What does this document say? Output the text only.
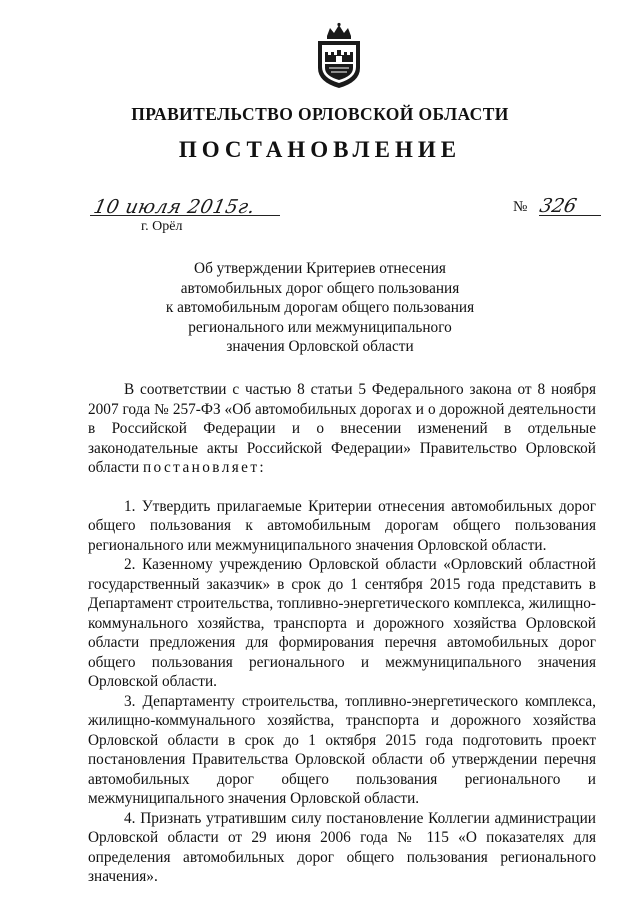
ПРАВИТЕЛЬСТВО ОРЛОВСКОЙ ОБЛАСТИ
ПОСТАНОВЛЕНИЕ
10 июля 2015г.	№ 326
г. Орёл
Об утверждении Критериев отнесения
автомобильных дорог общего пользования
к автомобильным дорогам общего пользования
регионального или межмуниципального
значения Орловской области

В соответствии с частью 8 статьи 5 Федерального закона от 8 ноября 2007 года № 257-ФЗ «Об автомобильных дорогах и о дорожной деятельности в Российской Федерации и о внесении изменений в отдельные законодательные акты Российской Федерации» Правительство Орловской области постановляет:

1. Утвердить прилагаемые Критерии отнесения автомобильных дорог общего пользования к автомобильным дорогам общего пользования регионального или межмуниципального значения Орловской области.

2. Казенному учреждению Орловской области «Орловский областной государственный заказчик» в срок до 1 сентября 2015 года представить в Департамент строительства, топливно-энергетического комплекса, жилищно-коммунального хозяйства, транспорта и дорожного хозяйства Орловской области предложения для формирования перечня автомобильных дорог общего пользования регионального и межмуниципального значения Орловской области.

3. Департаменту строительства, топливно-энергетического комплекса, жилищно-коммунального хозяйства, транспорта и дорожного хозяйства Орловской области в срок до 1 октября 2015 года подготовить проект постановления Правительства Орловской области об утверждении перечня автомобильных дорог общего пользования регионального и межмуниципального значения Орловской области.

4. Признать утратившим силу постановление Коллегии администрации Орловской области от 29 июня 2006 года № 115 «О показателях для определения автомобильных дорог общего пользования регионального значения».
